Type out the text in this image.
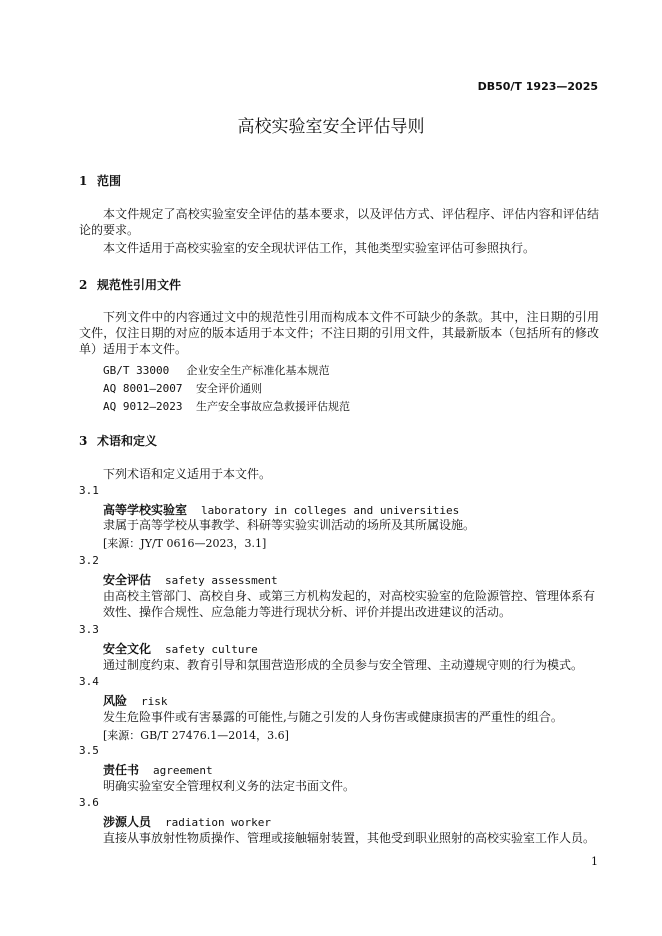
DB50/T 1923—2025
高校实验室安全评估导则
1 范围
本文件规定了高校实验室安全评估的基本要求，以及评估方式、评估程序、评估内容和评估结论的要求。
本文件适用于高校实验室的安全现状评估工作，其他类型实验室评估可参照执行。
2 规范性引用文件
下列文件中的内容通过文中的规范性引用而构成本文件不可缺少的条款。其中，注日期的引用文件，仅注日期的对应的版本适用于本文件；不注日期的引用文件，其最新版本（包括所有的修改单）适用于本文件。
GB/T 33000 企业安全生产标准化基本规范
AQ 8001—2007 安全评价通则
AQ 9012—2023 生产安全事故应急救援评估规范
3 术语和定义
下列术语和定义适用于本文件。
3.1
高等学校实验室 laboratory in colleges and universities
隶属于高等学校从事教学、科研等实验实训活动的场所及其所属设施。
[来源：JY/T 0616—2023，3.1]
3.2
安全评估 safety assessment
由高校主管部门、高校自身、或第三方机构发起的，对高校实验室的危险源管控、管理体系有效性、操作合规性、应急能力等进行现状分析、评价并提出改进建议的活动。
3.3
安全文化 safety culture
通过制度约束、教育引导和氛围营造形成的全员参与安全管理、主动遵规守则的行为模式。
3.4
风险 risk
发生危险事件或有害暴露的可能性,与随之引发的人身伤害或健康损害的严重性的组合。
[来源：GB/T 27476.1—2014，3.6]
3.5
责任书 agreement
明确实验室安全管理权利义务的法定书面文件。
3.6
涉源人员 radiation worker
直接从事放射性物质操作、管理或接触辐射装置，其他受到职业照射的高校实验室工作人员。
1
